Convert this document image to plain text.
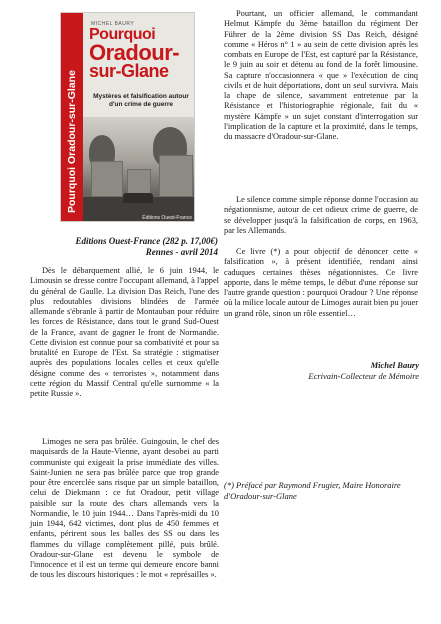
Pourquoi Oradour-sur-Glane
MICHEL BAURY
Pourquoi
Oradour-
sur-Glane
Mystères et falsification autour d'un crime de guerre
Éditions Ouest-France
Editions Ouest-France (282 p. 17,00€)
Rennes - avril 2014

Dès le débarquement allié, le 6 juin 1944, le Limousin se dresse contre l'occupant allemand, à l'appel du général de Gaulle. La division Das Reich, l'une des plus redoutables divisions blindées de l'armée allemande s'ébranle à partir de Montauban pour réduire les forces de Résistance, dans tout le grand Sud-Ouest de la France, avant de gagner le front de Normandie. Cette division est connue pour sa combativité et pour sa brutalité en Europe de l'Est. Sa stratégie : stigmatiser auprès des populations locales celles et ceux qu'elle désigne comme des « terroristes », notamment dans cette région du Massif Central qu'elle surnomme « la petite Russie ».

Limoges ne sera pas brûlée. Guingouin, le chef des maquisards de la Haute-Vienne, ayant desobei au parti communiste qui exigeait la prise immédiate des villes. Saint-Junien ne sera pas brûlée parce que trop grande pour être encerclée sans risque par un simple bataillon, celui de Diekmann : ce fut Oradour, petit village paisible sur la route des chars allemands vers la Normandie, le 10 juin 1944… Dans l'après-midi du 10 juin 1944, 642 victimes, dont plus de 450 femmes et enfants, périrent sous les balles des SS ou dans les flammes du village complètement pillé, puis brûlé. Oradour-sur-Glane est devenu le symbole de l'innocence et il est un terme qui demeure encore banni de tous les discours historiques : le mot « représailles ».

Pourtant, un officier allemand, le commandant Helmut Kämpfe du 3ème bataillon du régiment Der Führer de la 2ème division SS Das Reich, désigné comme « Héros n° 1 » au sein de cette division après les combats en Europe de l'Est, est capturé par la Résistance, le 9 juin au soir et détenu au fond de la forêt limousine. Sa capture n'occasionnera « que » l'exécution de cinq civils et de huit déportations, dont un seul survivra. Mais la chape de silence, savamment entretenue par la Résistance et l'historiographie régionale, fait du « mystère Kämpfe » un sujet constant d'interrogation sur l'implication de la capture et la proximité, dans le temps, du massacre d'Oradour-sur-Glane.

Le silence comme simple réponse donne l'occasion au négationnisme, autour de cet odieux crime de guerre, de se développer jusqu'à la falsification de corps, en 1963, par les Allemands.

Ce livre (*) a pour objectif de dénoncer cette « falsification », à présent identifiée, rendant ainsi caduques certaines thèses négationnistes. Ce livre apporte, dans le même temps, le début d'une réponse sur l'autre grande question : pourquoi Oradour ? Une réponse où la milice locale autour de Limoges aurait bien pu jouer un grand rôle, sinon un rôle essentiel…

Michel Baury
Ecrivain-Collecteur de Mémoire
(*) Préfacé par Raymond Frugier, Maire Honoraire d'Oradour-sur-Glane
